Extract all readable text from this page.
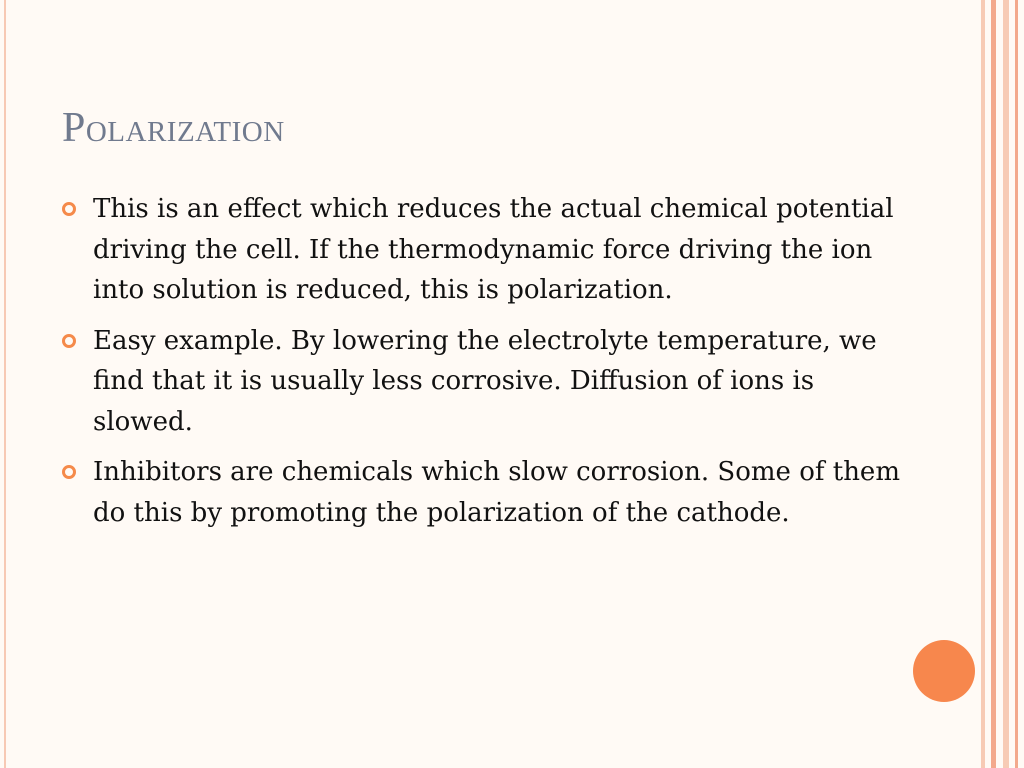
Polarization
This is an effect which reduces the actual chemical potential driving the cell. If the thermodynamic force driving the ion into solution is reduced, this is polarization.
Easy example. By lowering the electrolyte temperature, we find that it is usually less corrosive. Diffusion of ions is slowed.
Inhibitors are chemicals which slow corrosion. Some of them do this by promoting the polarization of the cathode.
